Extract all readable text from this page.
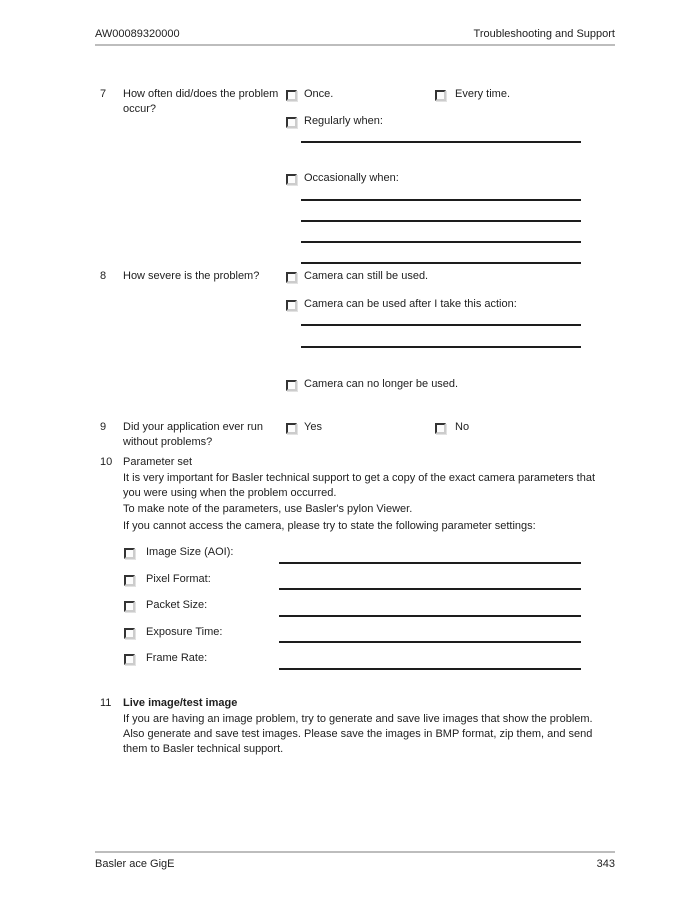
AW00089320000	Troubleshooting and Support
7 How often did/does the problem
occur?
Once.	Every time.
Regularly when:
Occasionally when:
8 How severe is the problem?	Camera can still be used.
Camera can be used after I take this action:
Camera can no longer be used.
9 Did your application ever run
without problems?
Yes	No
10 Parameter set
It is very important for Basler technical support to get a copy of the exact camera parameters that
you were using when the problem occurred.
To make note of the parameters, use Basler's pylon Viewer.
If you cannot access the camera, please try to state the following parameter settings:
Image Size (AOI):
Pixel Format:
Packet Size:
Exposure Time:
Frame Rate:
11 Live image/test image
If you are having an image problem, try to generate and save live images that show the problem.
Also generate and save test images. Please save the images in BMP format, zip them, and send
them to Basler technical support.
Basler ace GigE	343
